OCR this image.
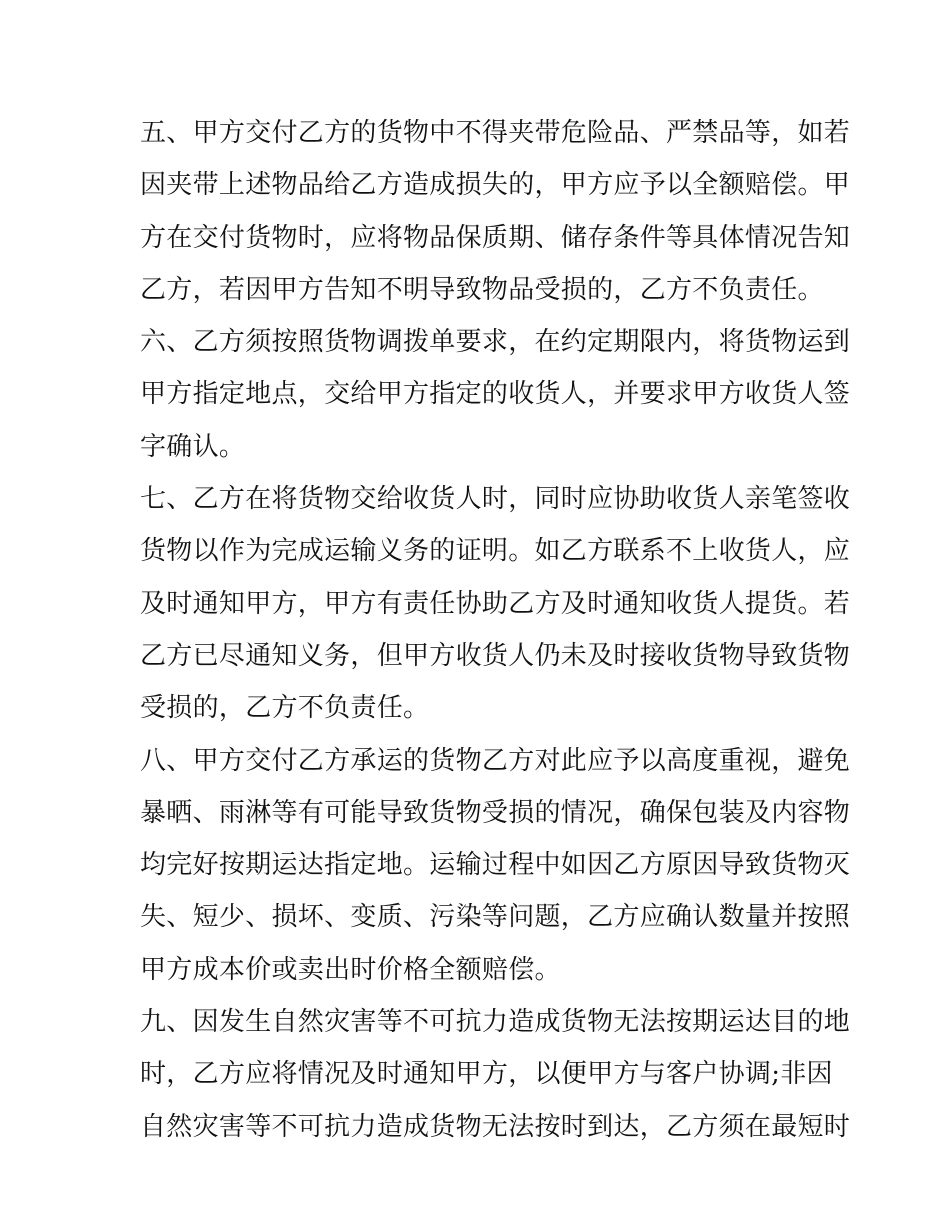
五、甲方交付乙方的货物中不得夹带危险品、严禁品等，如若
因夹带上述物品给乙方造成损失的，甲方应予以全额赔偿。甲
方在交付货物时，应将物品保质期、储存条件等具体情况告知
乙方，若因甲方告知不明导致物品受损的，乙方不负责任。
六、乙方须按照货物调拨单要求，在约定期限内，将货物运到
甲方指定地点，交给甲方指定的收货人，并要求甲方收货人签
字确认。
七、乙方在将货物交给收货人时，同时应协助收货人亲笔签收
货物以作为完成运输义务的证明。如乙方联系不上收货人，应
及时通知甲方，甲方有责任协助乙方及时通知收货人提货。若
乙方已尽通知义务，但甲方收货人仍未及时接收货物导致货物
受损的，乙方不负责任。
八、甲方交付乙方承运的货物乙方对此应予以高度重视，避免
暴晒、雨淋等有可能导致货物受损的情况，确保包装及内容物
均完好按期运达指定地。运输过程中如因乙方原因导致货物灭
失、短少、损坏、变质、污染等问题，乙方应确认数量并按照
甲方成本价或卖出时价格全额赔偿。
九、因发生自然灾害等不可抗力造成货物无法按期运达目的地
时，乙方应将情况及时通知甲方，以便甲方与客户协调;非因
自然灾害等不可抗力造成货物无法按时到达，乙方须在最短时
